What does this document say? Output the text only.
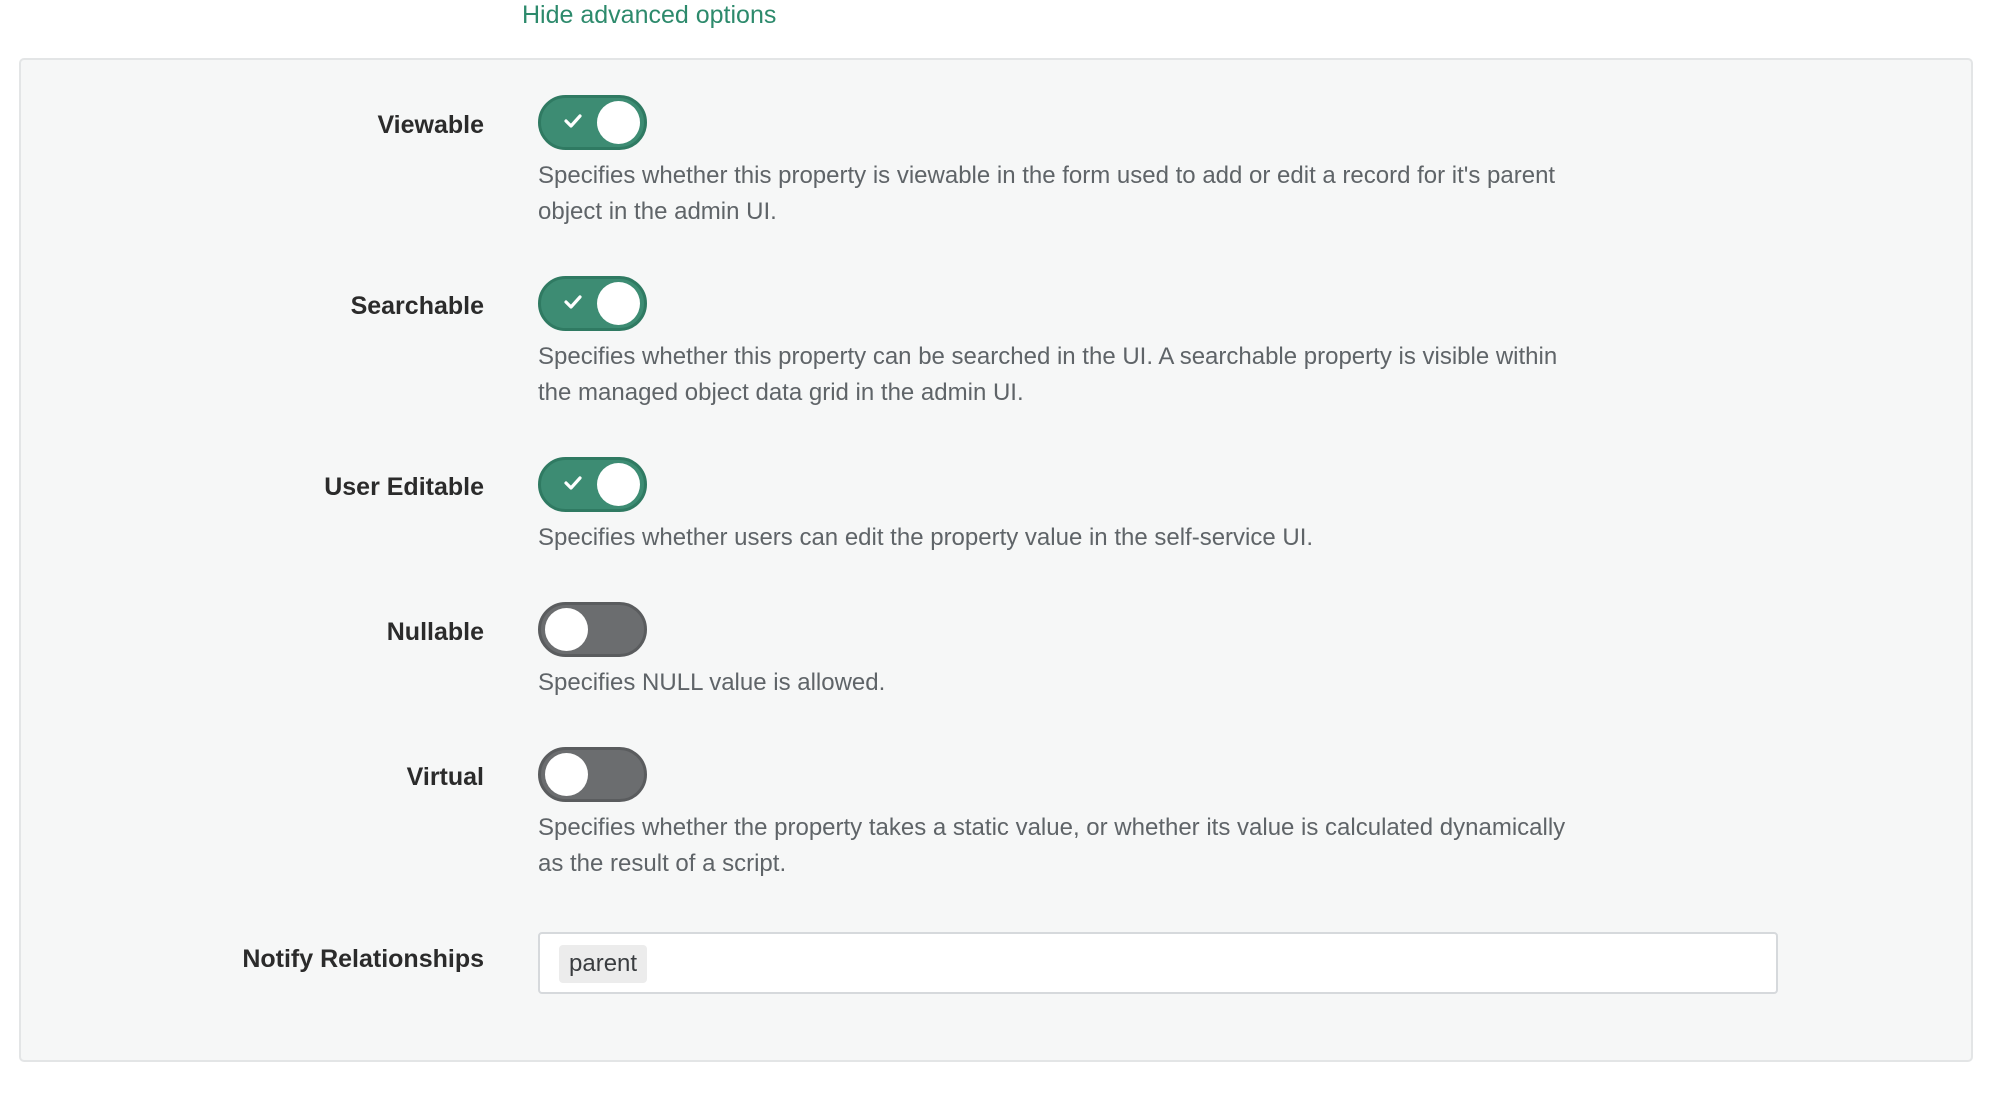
Hide advanced options
Viewable
Specifies whether this property is viewable in the form used to add or edit a record for it's parent object in the admin UI.
Searchable
Specifies whether this property can be searched in the UI. A searchable property is visible within the managed object data grid in the admin UI.
User Editable
Specifies whether users can edit the property value in the self-service UI.
Nullable
Specifies NULL value is allowed.
Virtual
Specifies whether the property takes a static value, or whether its value is calculated dynamically as the result of a script.
Notify Relationships	parent
